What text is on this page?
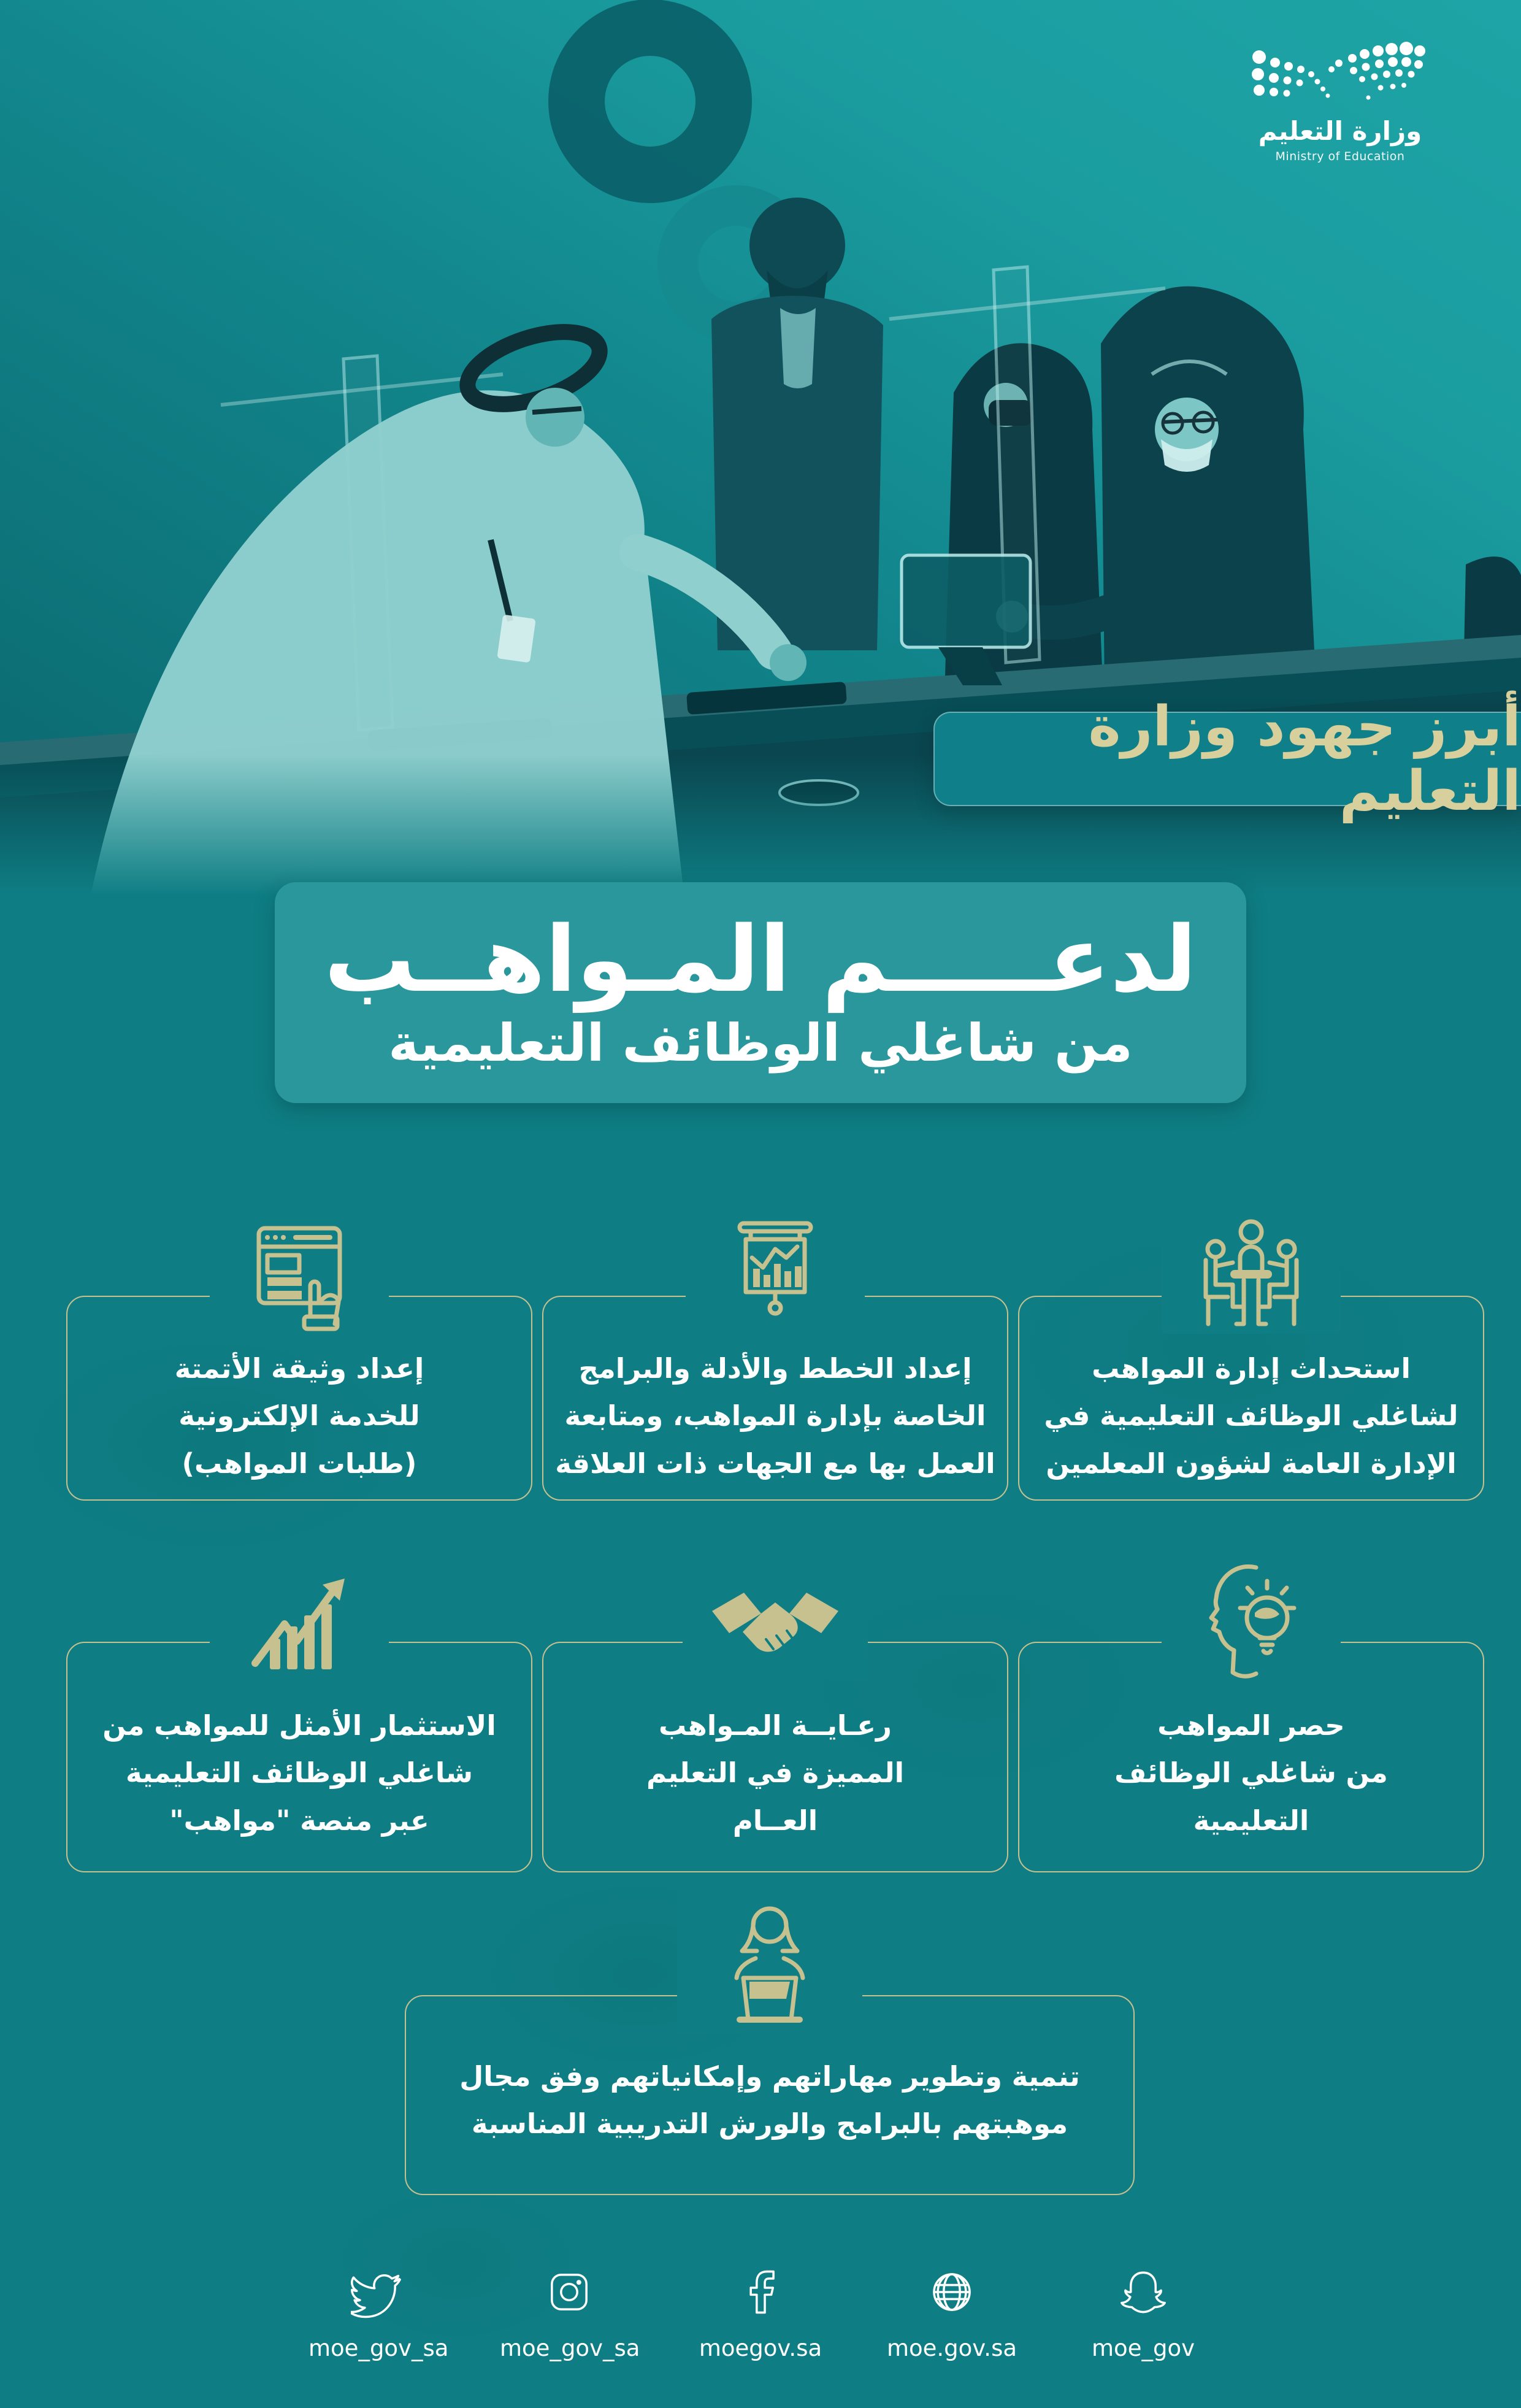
وزارة التعليم
Ministry of Education
أبرز جهود وزارة التعليم
لدعـــــم المـواهــب
من شاغلي الوظائف التعليمية
استحداث إدارة المواهب
لشاغلي الوظائف التعليمية في
الإدارة العامة لشؤون المعلمين
إعداد الخطط والأدلة والبرامج
الخاصة بإدارة المواهب، ومتابعة
العمل بها مع الجهات ذات العلاقة
إعداد وثيقة الأتمتة
للخدمة الإلكترونية
(طلبات المواهب)
حصر المواهب
من شاغلي الوظائف
التعليمية
رعـايــة المـواهب
المميزة في التعليم
العــام
الاستثمار الأمثل للمواهب من
شاغلي الوظائف التعليمية
عبر منصة "مواهب"
تنمية وتطوير مهاراتهم وإمكانياتهم وفق مجال
موهبتهم بالبرامج والورش التدريبية المناسبة
moe_gov_sa moe_gov_sa	moegov.sa	moe.gov.sa	moe_gov
